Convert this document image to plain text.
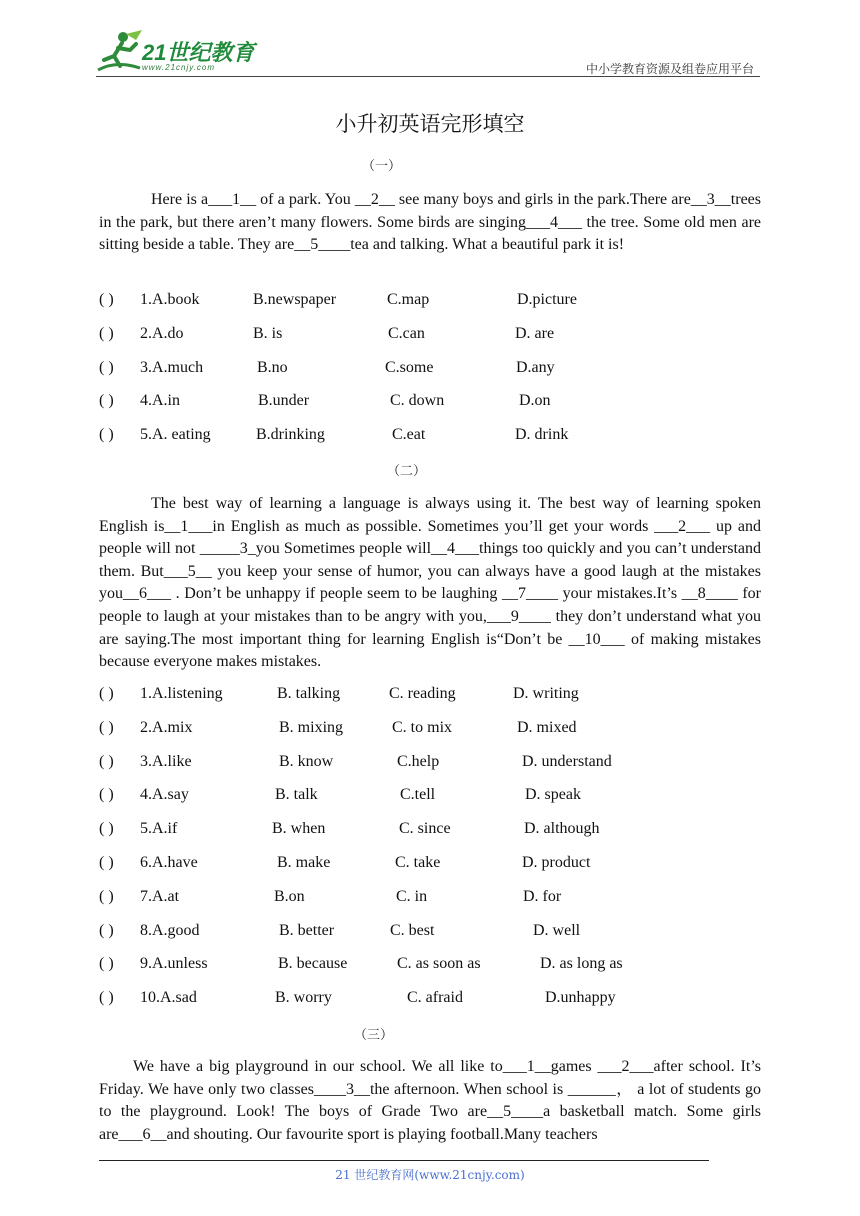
21世纪教育
www.21cnjy.com	中小学教育资源及组卷应用平台
小升初英语完形填空
（一）
Here is a___1__ of a park. You __2__ see many boys and girls in the park.There are__3__trees in the park, but there aren’t many flowers. Some birds are singing___4___ the tree. Some old men are sitting beside a table. They are__5____tea and talking. What a beautiful park it is!
( ) 1.A.book	B.newspaper	C.map	D.picture
( ) 2.A.do	B. is	C.can	D. are
( ) 3.A.much	B.no	C.some	D.any
( ) 4.A.in	B.under	C. down	D.on
( ) 5.A. eating	B.drinking	C.eat	D. drink
（二）
The best way of learning a language is always using it. The best way of learning spoken English is__1___in English as much as possible. Sometimes you’ll get your words ___2___ up and people will not _____3_you Sometimes people will__4___things too quickly and you can’t understand them. But___5__ you keep your sense of humor, you can always have a good laugh at the mistakes you__6___ . Don’t be unhappy if people seem to be laughing __7____ your mistakes.It’s __8____ for people to laugh at your mistakes than to be angry with you,___9____ they don’t understand what you are saying.The most important thing for learning English is“Don’t be __10___ of making mistakes because everyone makes mistakes.
( ) 1.A.listening	B. talking	C. reading	D. writing
( ) 2.A.mix	B. mixing	C. to mix	D. mixed
( ) 3.A.like	B. know	C.help	D. understand
( ) 4.A.say	B. talk	C.tell	D. speak
( ) 5.A.if	B. when	C. since	D. although
( ) 6.A.have	B. make	C. take	D. product
( ) 7.A.at	B.on	C. in	D. for
( ) 8.A.good	B. better	C. best	D. well
( ) 9.A.unless	B. because	C. as soon as	D. as long as
( ) 10.A.sad	B. worry	C. afraid	D.unhappy
（三）
We have a big playground in our school. We all like to___1__games ___2___after school. It’s Friday. We have only two classes____3__the afternoon. When school is ______， a lot of students go to the playground. Look! The boys of Grade Two are__5____a basketball match. Some girls are___6__and shouting. Our favourite sport is playing football.Many teachers
21 世纪教育网(www.21cnjy.com)
